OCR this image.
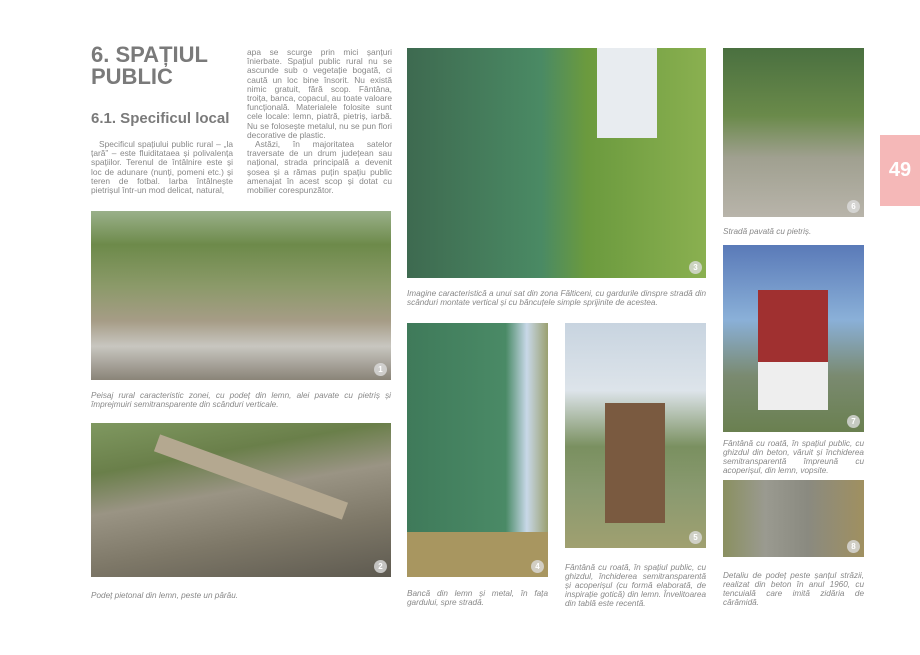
6. SPAȚIUL PUBLIC
6.1. Specificul local

Specificul spațiului public rural – „la țară” – este fluiditataea și polivalența spațiilor. Terenul de întâlnire este și loc de adunare (nunți, pomeni etc.) și teren de fotbal. Iarba întâlnește pietrișul într-un mod delicat, natural,

apa se scurge prin mici șanțuri înierbate. Spațiul public rural nu se ascunde sub o vegetație bogată, ci caută un loc bine însorit. Nu există nimic gratuit, fără scop. Fântâna, troița, banca, copacul, au toate valoare funcțională. Materialele folosite sunt cele locale: lemn, piatră, pietriș, iarbă. Nu se folosește metalul, nu se pun flori decorative de plastic.

Astăzi, în majoritatea satelor traversate de un drum județean sau național, strada principală a devenit șosea și a rămas puțin spațiu public amenajat în acest scop și dotat cu mobilier corespunzător.

49
1
Peisaj rural caracteristic zonei, cu podeț din lemn, alei pavate cu pietriș și împrejmuiri semitransparente din scânduri verticale.
2
Podeț pietonal din lemn, peste un pârâu.
3
Imagine caracteristică a unui sat din zona Fălticeni, cu gardurile dinspre stradă din scânduri montate vertical și cu băncuțele simple sprijinite de acestea.
4
Bancă din lemn și metal, în fața gardului, spre stradă.
5
Fântână cu roată, în spațiul public, cu ghizdul, închiderea semitransparentă și acoperișul (cu formă elaborată, de inspirație gotică) din lemn. Învelitoarea din tablă este recentă.
6
Stradă pavată cu pietriș.
7
Fântână cu roată, în spațiul public, cu ghizdul din beton, văruit și închiderea semitransparentă împreună cu acoperișul, din lemn, vopsite.
8
Detaliu de podeț peste șanțul străzii, realizat din beton în anul 1960, cu tencuială care imită zidăria de cărămidă.
